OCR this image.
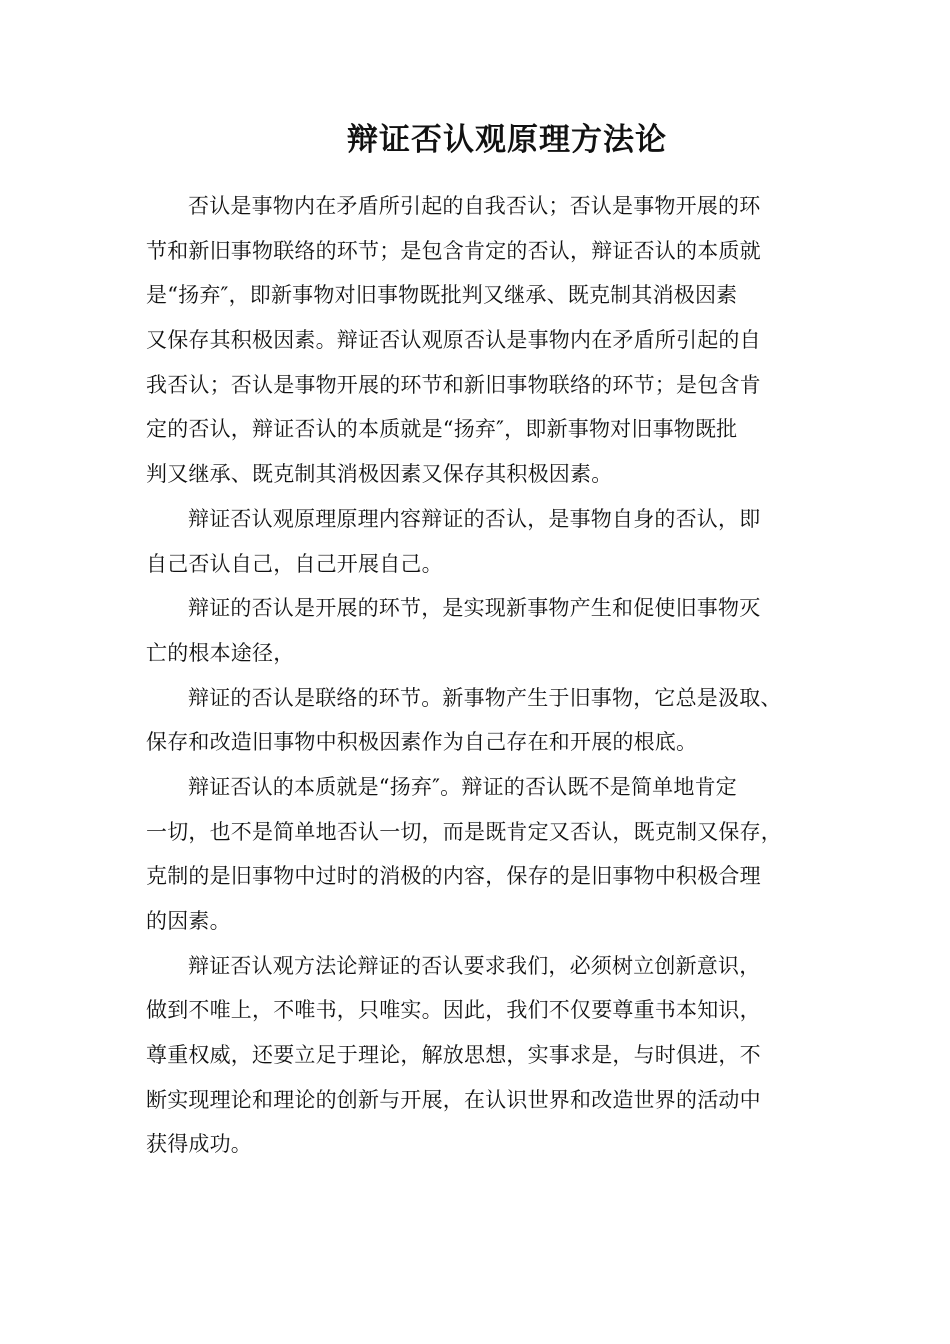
辩证否认观原理方法论
否认是事物内在矛盾所引起的自我否认；否认是事物开展的环
节和新旧事物联络的环节；是包含肯定的否认，辩证否认的本质就
是“扬弃″，即新事物对旧事物既批判又继承、既克制其消极因素
又保存其积极因素。辩证否认观原否认是事物内在矛盾所引起的自
我否认；否认是事物开展的环节和新旧事物联络的环节；是包含肯
定的否认，辩证否认的本质就是“扬弃″，即新事物对旧事物既批
判又继承、既克制其消极因素又保存其积极因素。
辩证否认观原理原理内容辩证的否认，是事物自身的否认，即
自己否认自己，自己开展自己。
辩证的否认是开展的环节，是实现新事物产生和促使旧事物灭
亡的根本途径，
辩证的否认是联络的环节。新事物产生于旧事物，它总是汲取、
保存和改造旧事物中积极因素作为自己存在和开展的根底。
辩证否认的本质就是“扬弃″。辩证的否认既不是简单地肯定
一切，也不是简单地否认一切，而是既肯定又否认，既克制又保存，
克制的是旧事物中过时的消极的内容，保存的是旧事物中积极合理
的因素。
辩证否认观方法论辩证的否认要求我们，必须树立创新意识，
做到不唯上，不唯书，只唯实。因此，我们不仅要尊重书本知识，
尊重权威，还要立足于理论，解放思想，实事求是，与时俱进，不
断实现理论和理论的创新与开展，在认识世界和改造世界的活动中
获得成功。
